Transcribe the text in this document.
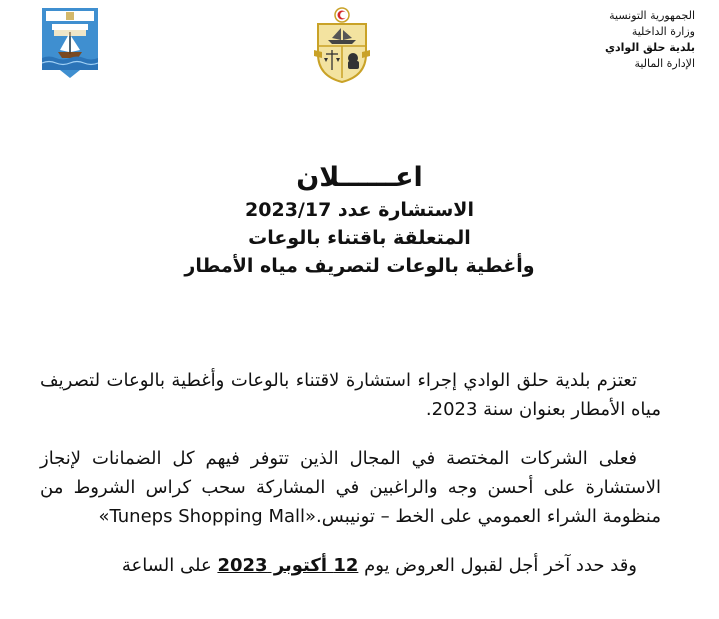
الجمهورية التونسية
وزارة الداخلية
بلدية حلق الوادي
الإدارة المالية
اعــــــلان
الاستشارة عدد 2023/17
المتعلقة باقتناء بالوعات
وأغطية بالوعات لتصريف مياه الأمطار

تعتزم بلدية حلق الوادي إجراء استشارة لاقتناء بالوعات وأغطية بالوعات لتصريف مياه الأمطار بعنوان سنة 2023.

فعلى الشركات المختصة في المجال الذين تتوفر فيهم كل الضمانات لإنجاز الاستشارة على أحسن وجه والراغبين في المشاركة سحب كراس الشروط من منظومة الشراء العمومي على الخط – تونيبس.«Tuneps Shopping Mall»

وقد حدد آخر أجل لقبول العروض يوم 12 أكتوبر 2023 على الساعة
